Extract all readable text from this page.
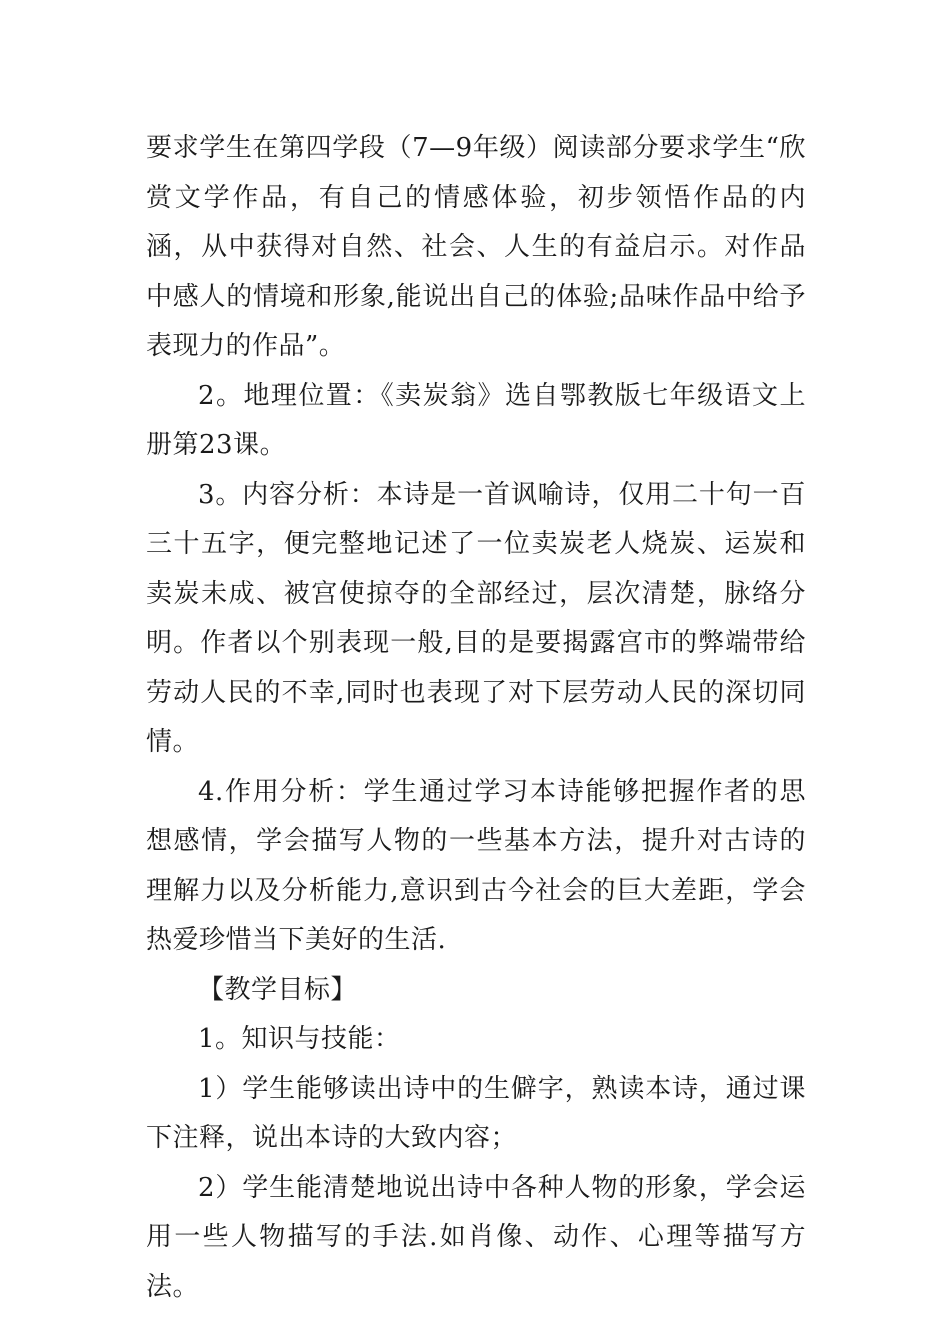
要求学生在第四学段（7—9年级）阅读部分要求学生“欣赏文学作品，有自己的情感体验，初步领悟作品的内涵，从中获得对自然、社会、人生的有益启示。对作品中感人的情境和形象,能说出自己的体验;品味作品中给予表现力的作品”。

2。地理位置：《卖炭翁》选自鄂教版七年级语文上册第23课。

3。内容分析：本诗是一首讽喻诗，仅用二十句一百三十五字，便完整地记述了一位卖炭老人烧炭、运炭和卖炭未成、被宫使掠夺的全部经过，层次清楚，脉络分明。作者以个别表现一般,目的是要揭露宫市的弊端带给劳动人民的不幸,同时也表现了对下层劳动人民的深切同情。

4.作用分析：学生通过学习本诗能够把握作者的思想感情，学会描写人物的一些基本方法，提升对古诗的理解力以及分析能力,意识到古今社会的巨大差距，学会热爱珍惜当下美好的生活.

【教学目标】

1。知识与技能：

1）学生能够读出诗中的生僻字，熟读本诗，通过课下注释，说出本诗的大致内容；

2）学生能清楚地说出诗中各种人物的形象，学会运用一些人物描写的手法.如肖像、动作、心理等描写方法。
